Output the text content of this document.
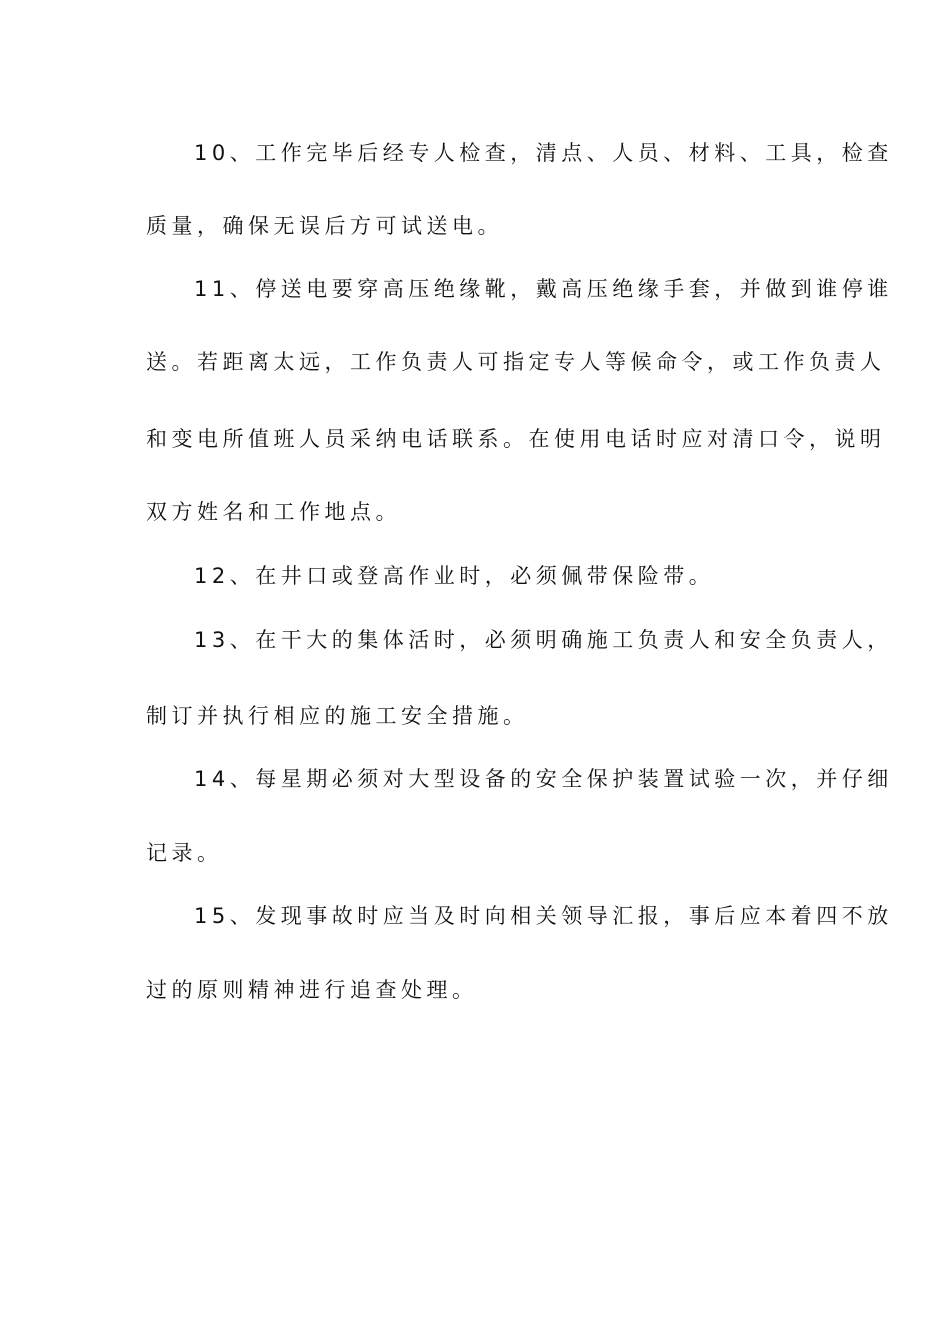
10、工作完毕后经专人检查，清点、人员、材料、工具，检查
质量，确保无误后方可试送电。
11、停送电要穿高压绝缘靴，戴高压绝缘手套，并做到谁停谁
送。若距离太远，工作负责人可指定专人等候命令，或工作负责人
和变电所值班人员采纳电话联系。在使用电话时应对清口令，说明
双方姓名和工作地点。
12、在井口或登高作业时，必须佩带保险带。
13、在干大的集体活时，必须明确施工负责人和安全负责人，
制订并执行相应的施工安全措施。
14、每星期必须对大型设备的安全保护装置试验一次，并仔细
记录。
15、发现事故时应当及时向相关领导汇报，事后应本着四不放
过的原则精神进行追查处理。
